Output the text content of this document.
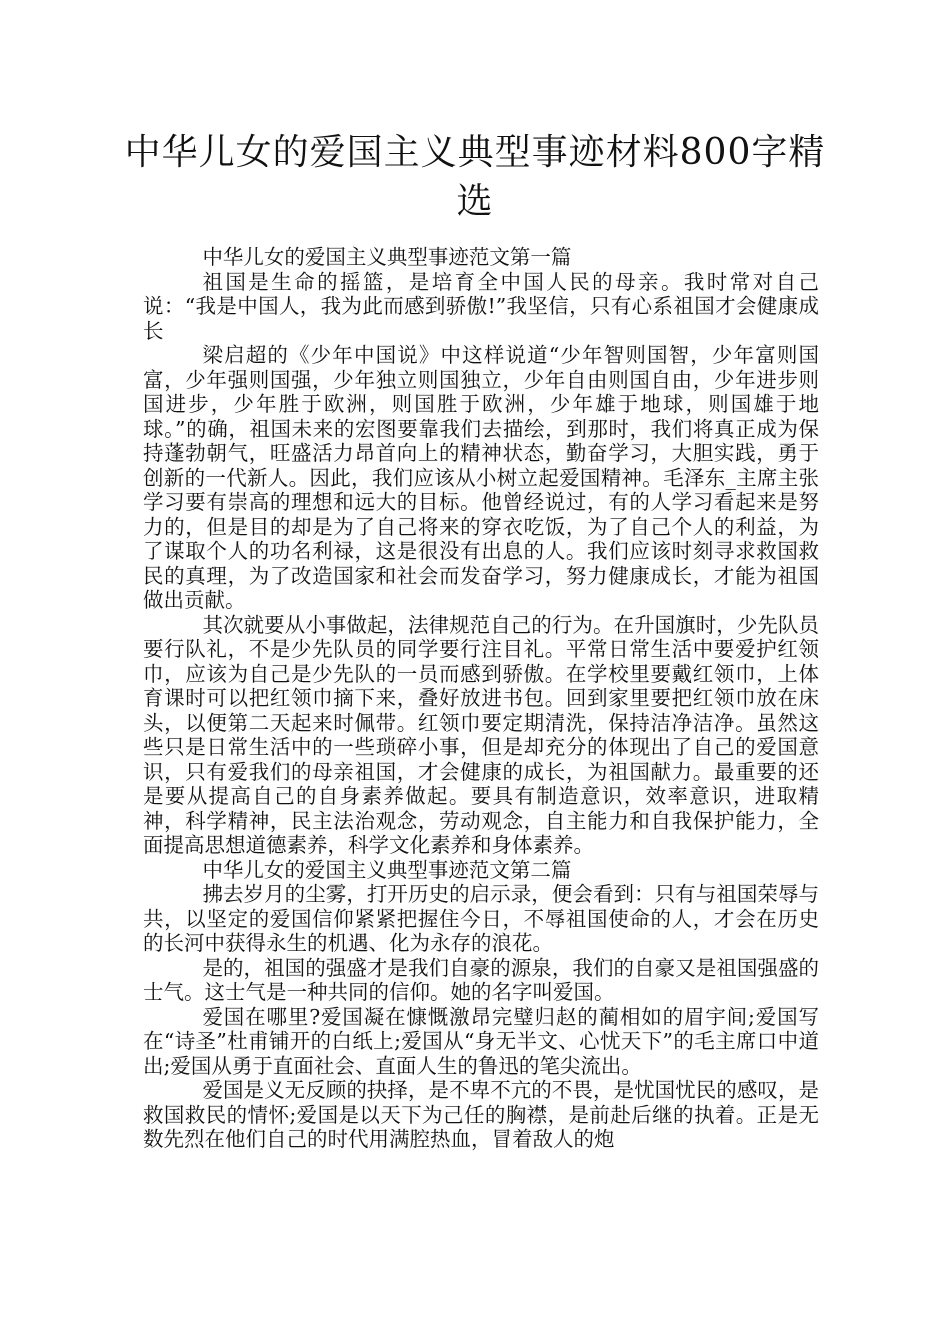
中华儿女的爱国主义典型事迹材料800字精选

中华儿女的爱国主义典型事迹范文第一篇

祖国是生命的摇篮，是培育全中国人民的母亲。我时常对自己说：“我是中国人，我为此而感到骄傲!”我坚信，只有心系祖国才会健康成长

梁启超的《少年中国说》中这样说道“少年智则国智，少年富则国富，少年强则国强，少年独立则国独立，少年自由则国自由，少年进步则国进步，少年胜于欧洲，则国胜于欧洲，少年雄于地球，则国雄于地球。”的确，祖国未来的宏图要靠我们去描绘，到那时，我们将真正成为保持蓬勃朝气，旺盛活力昂首向上的精神状态，勤奋学习，大胆实践，勇于创新的一代新人。因此，我们应该从小树立起爱国精神。毛泽东_主席主张学习要有崇高的理想和远大的目标。他曾经说过，有的人学习看起来是努力的，但是目的却是为了自己将来的穿衣吃饭，为了自己个人的利益，为了谋取个人的功名利禄，这是很没有出息的人。我们应该时刻寻求救国救民的真理，为了改造国家和社会而发奋学习，努力健康成长，才能为祖国做出贡献。

其次就要从小事做起，法律规范自己的行为。在升国旗时，少先队员要行队礼，不是少先队员的同学要行注目礼。平常日常生活中要爱护红领巾，应该为自己是少先队的一员而感到骄傲。在学校里要戴红领巾，上体育课时可以把红领巾摘下来，叠好放进书包。回到家里要把红领巾放在床头，以便第二天起来时佩带。红领巾要定期清洗，保持洁净洁净。虽然这些只是日常生活中的一些琐碎小事，但是却充分的体现出了自己的爱国意识，只有爱我们的母亲祖国，才会健康的成长，为祖国献力。最重要的还是要从提高自己的自身素养做起。要具有制造意识，效率意识，进取精神，科学精神，民主法治观念，劳动观念，自主能力和自我保护能力，全面提高思想道德素养，科学文化素养和身体素养。

中华儿女的爱国主义典型事迹范文第二篇

拂去岁月的尘雾，打开历史的启示录，便会看到：只有与祖国荣辱与共，以坚定的爱国信仰紧紧把握住今日，不辱祖国使命的人，才会在历史的长河中获得永生的机遇、化为永存的浪花。

是的，祖国的强盛才是我们自豪的源泉，我们的自豪又是祖国强盛的士气。这士气是一种共同的信仰。她的名字叫爱国。

爱国在哪里?爱国凝在慷慨激昂完璧归赵的蔺相如的眉宇间;爱国写在“诗圣”杜甫铺开的白纸上;爱国从“身无半文、心忧天下”的毛主席口中道出;爱国从勇于直面社会、直面人生的鲁迅的笔尖流出。

爱国是义无反顾的抉择，是不卑不亢的不畏，是忧国忧民的感叹，是救国救民的情怀;爱国是以天下为己任的胸襟，是前赴后继的执着。正是无数先烈在他们自己的时代用满腔热血，冒着敌人的炮
